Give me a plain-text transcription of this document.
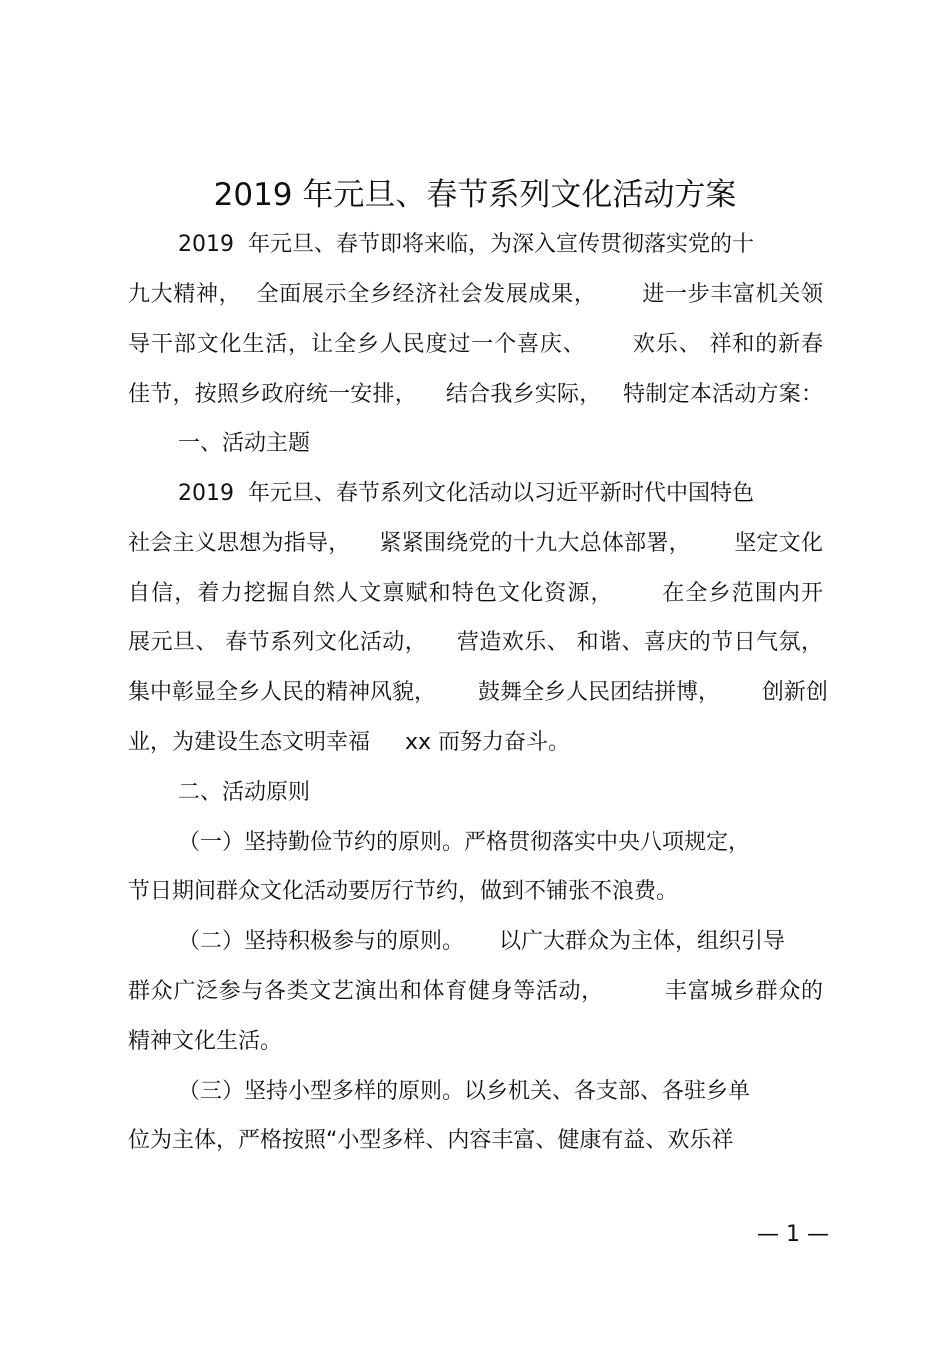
2019 年元旦、春节系列文化活动方案
2019  年元旦、春节即将来临，为深入宣传贯彻落实党的十
九大精神，  全面展示全乡经济社会发展成果，      进一步丰富机关领
导干部文化生活，让全乡人民度过一个喜庆、      欢乐、 祥和的新春
佳节，按照乡政府统一安排，    结合我乡实际，   特制定本活动方案：
一、活动主题
2019  年元旦、春节系列文化活动以习近平新时代中国特色
社会主义思想为指导，    紧紧围绕党的十九大总体部署，      坚定文化
自信，着力挖掘自然人文禀赋和特色文化资源，      在全乡范围内开
展元旦、 春节系列文化活动，    营造欢乐、 和谐、喜庆的节日气氛，
集中彰显全乡人民的精神风貌，      鼓舞全乡人民团结拼博，      创新创
业，为建设生态文明幸福     xx 而努力奋斗。
二、活动原则
（一）坚持勤俭节约的原则。严格贯彻落实中央八项规定，
节日期间群众文化活动要厉行节约，做到不铺张不浪费。
（二）坚持积极参与的原则。     以广大群众为主体，组织引导
群众广泛参与各类文艺演出和体育健身等活动，        丰富城乡群众的
精神文化生活。
（三）坚持小型多样的原则。以乡机关、各支部、各驻乡单
位为主体，严格按照“小型多样、内容丰富、健康有益、欢乐祥
— 1 —
